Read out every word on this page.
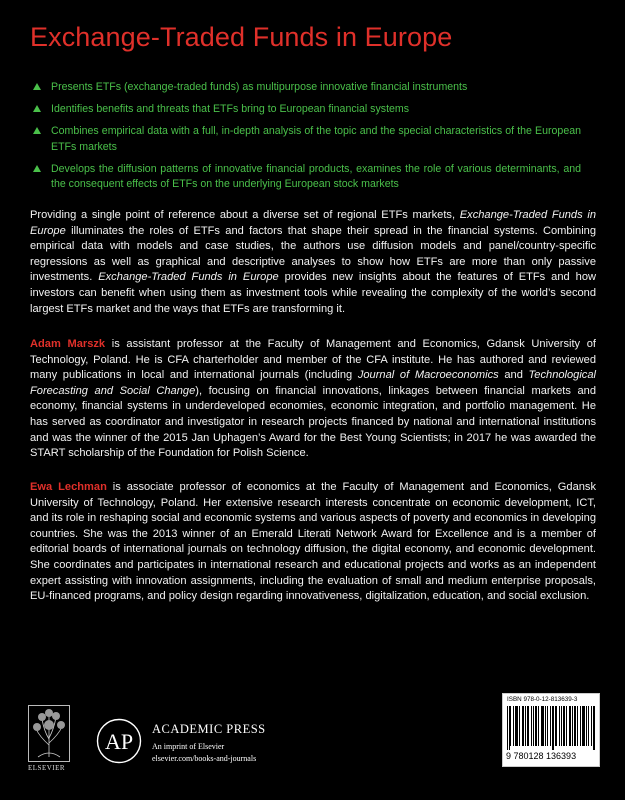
Exchange-Traded Funds in Europe
Presents ETFs (exchange-traded funds) as multipurpose innovative financial instruments
Identifies benefits and threats that ETFs bring to European financial systems
Combines empirical data with a full, in-depth analysis of the topic and the special characteristics of the European ETFs markets
Develops the diffusion patterns of innovative financial products, examines the role of various determinants, and the consequent effects of ETFs on the underlying European stock markets

Providing a single point of reference about a diverse set of regional ETFs markets, Exchange-Traded Funds in Europe illuminates the roles of ETFs and factors that shape their spread in the financial systems. Combining empirical data with models and case studies, the authors use diffusion models and panel/country-specific regressions as well as graphical and descriptive analyses to show how ETFs are more than only passive investments. Exchange-Traded Funds in Europe provides new insights about the features of ETFs and how investors can benefit when using them as investment tools while revealing the complexity of the world’s second largest ETFs market and the ways that ETFs are transforming it.

Adam Marszk is assistant professor at the Faculty of Management and Economics, Gdansk University of Technology, Poland. He is CFA charterholder and member of the CFA institute. He has authored and reviewed many publications in local and international journals (including Journal of Macroeconomics and Technological Forecasting and Social Change), focusing on financial innovations, linkages between financial markets and economy, financial systems in underdeveloped economies, economic integration, and portfolio management. He has served as coordinator and investigator in research projects financed by national and international institutions and was the winner of the 2015 Jan Uphagen’s Award for the Best Young Scientists; in 2017 he was awarded the START scholarship of the Foundation for Polish Science.

Ewa Lechman is associate professor of economics at the Faculty of Management and Economics, Gdansk University of Technology, Poland. Her extensive research interests concentrate on economic development, ICT, and its role in reshaping social and economic systems and various aspects of poverty and economics in developing countries. She was the 2013 winner of an Emerald Literati Network Award for Excellence and is a member of editorial boards of international journals on technology diffusion, the digital economy, and economic development. She coordinates and participates in international research and educational projects and works as an independent expert assisting with innovation assignments, including the evaluation of small and medium enterprise proposals, EU-financed programs, and policy design regarding innovativeness, digitalization, education, and social exclusion.

ELSEVIER
AP ACADEMIC PRESS
An imprint of Elsevier
elsevier.com/books-and-journals
ISBN 978-0-12-813639-3
9 780128 136393
